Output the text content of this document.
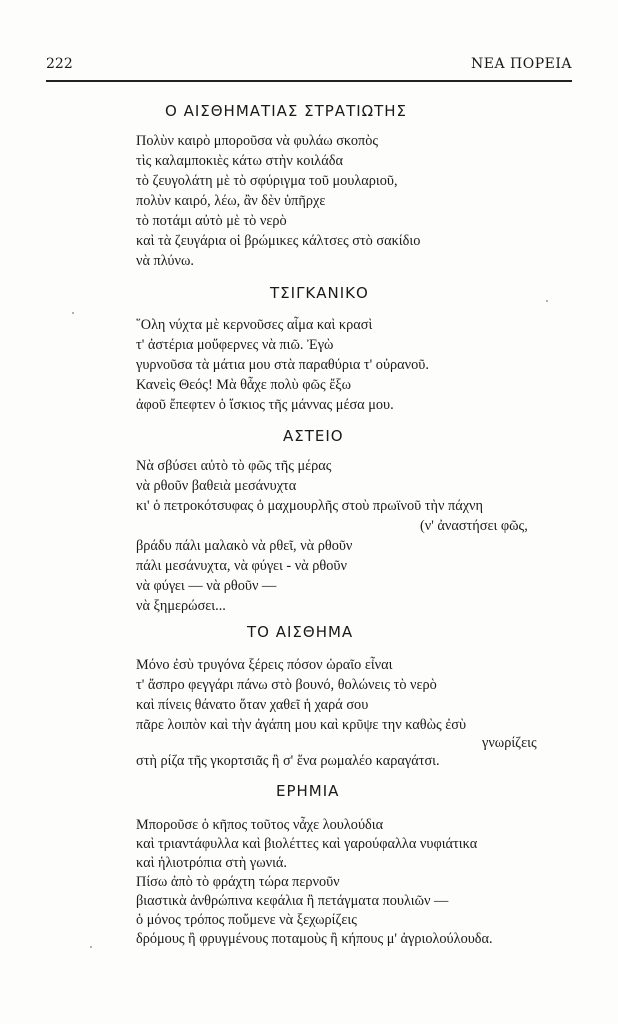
222	ΝΕΑ ΠΟΡΕΙΑ
Ο ΑΙΣΘΗΜΑΤΙΑΣ ΣΤΡΑΤΙΩΤΗΣ
Πολὺν καιρὸ μποροῦσα νὰ φυλάω σκοπὸς
τὶς καλαμποκιὲς κάτω στὴν κοιλάδα
τὸ ζευγολάτη μὲ τὸ σφύριγμα τοῦ μουλαριοῦ,
πολὺν καιρό, λέω, ἂν δὲν ὑπῆρχε
τὸ ποτάμι αὐτὸ μὲ τὸ νερὸ
καὶ τὰ ζευγάρια οἱ βρώμικες κάλτσες στὸ σακίδιο
νὰ πλύνω.
ΤΣΙΓΚΑΝΙΚΟ
῞Ολη νύχτα μὲ κερνοῦσες αἷμα καὶ κρασὶ
τ' ἀστέρια μοὔφερνες νὰ πιῶ. Ἐγὼ
γυρνοῦσα τὰ μάτια μου στὰ παραθύρια τ' οὐρανοῦ.
Κανεὶς Θεός! Μὰ θἆχε πολὺ φῶς ἔξω
ἀφοῦ ἔπεφτεν ὁ ἴσκιος τῆς μάννας μέσα μου.
ΑΣΤΕΙΟ
Νὰ σβύσει αὐτὸ τὸ φῶς τῆς μέρας
νὰ ρθοῦν βαθειὰ μεσάνυχτα
κι' ὁ πετροκότσυφας ὁ μαχμουρλῆς στοὺ πρωϊνοῦ τὴν πάχνη
(ν' ἀναστήσει φῶς,
βράδυ πάλι μαλακὸ νὰ ρθεῖ, νὰ ρθοῦν
πάλι μεσάνυχτα, νὰ φύγει - νὰ ρθοῦν
νὰ φύγει — νὰ ρθοῦν —
νὰ ξημερώσει...
ΤΟ ΑΙΣΘΗΜΑ
Μόνο ἐσὺ τρυγόνα ξέρεις πόσον ὡραῖο εἶναι
τ' ἄσπρο φεγγάρι πάνω στὸ βουνό, θολώνεις τὸ νερὸ
καὶ πίνεις θάνατο ὅταν χαθεῖ ἡ χαρά σου
πᾶρε λοιπὸν καὶ τὴν ἀγάπη μου καὶ κρῦψε την καθὼς ἐσὺ
γνωρίζεις
στὴ ρίζα τῆς γκορτσιᾶς ἢ σ' ἕνα ρωμαλέο καραγάτσι.
ΕΡΗΜΙΑ
Μποροῦσε ὁ κῆπος τοῦτος νἆχε λουλούδια
καὶ τριαντάφυλλα καὶ βιολέττες καὶ γαρούφαλλα νυφιάτικα
καὶ ἡλιοτρόπια στὴ γωνιά.
Πίσω ἀπὸ τὸ φράχτη τώρα περνοῦν
βιαστικὰ ἀνθρώπινα κεφάλια ἢ πετάγματα πουλιῶν —
ὁ μόνος τρόπος ποὔμενε νὰ ξεχωρίζεις
δρόμους ἢ φρυγμένους ποταμοὺς ἢ κήπους μ' ἀγριολούλουδα.
